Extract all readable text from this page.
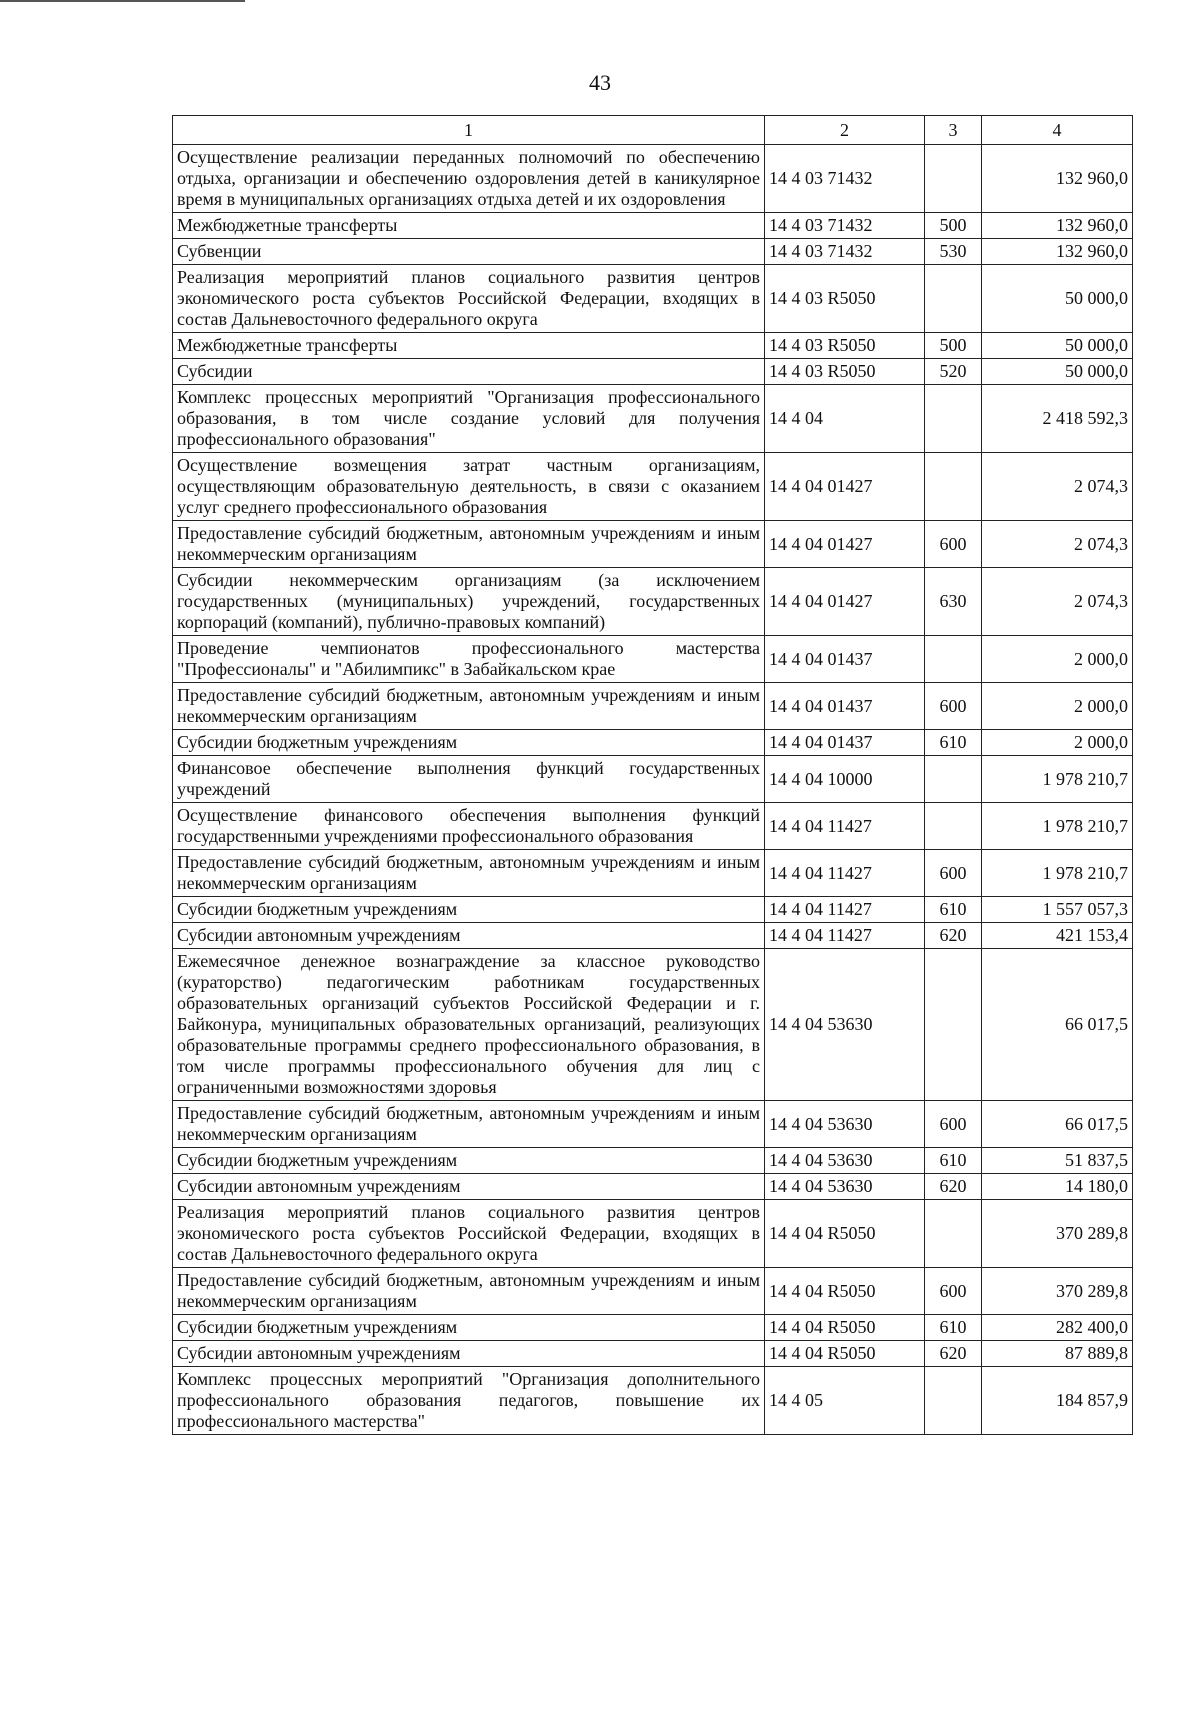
43
1	2	3	4
Осуществление реализации переданных полномочий по обеспечению отдыха, организации и обеспечению оздоровления детей в каникулярное время в муниципальных организациях отдыха детей и их оздоровления	14 4 03 71432		132 960,0
Межбюджетные трансферты	14 4 03 71432	500	132 960,0
Субвенции	14 4 03 71432	530	132 960,0
Реализация мероприятий планов социального развития центров экономического роста субъектов Российской Федерации, входящих в состав Дальневосточного федерального округа	14 4 03 R5050		50 000,0
Межбюджетные трансферты	14 4 03 R5050	500	50 000,0
Субсидии	14 4 03 R5050	520	50 000,0
Комплекс процессных мероприятий "Организация профессионального образования, в том числе создание условий для получения профессионального образования"	14 4 04		2 418 592,3
Осуществление возмещения затрат частным организациям, осуществляющим образовательную деятельность, в связи с оказанием услуг среднего профессионального образования	14 4 04 01427		2 074,3
Предоставление субсидий бюджетным, автономным учреждениям и иным некоммерческим организациям	14 4 04 01427	600	2 074,3
Субсидии некоммерческим организациям (за исключением государственных (муниципальных) учреждений, государственных корпораций (компаний), публично-правовых компаний)	14 4 04 01427	630	2 074,3
Проведение чемпионатов профессионального мастерства "Профессионалы" и "Абилимпикс" в Забайкальском крае	14 4 04 01437		2 000,0
Предоставление субсидий бюджетным, автономным учреждениям и иным некоммерческим организациям	14 4 04 01437	600	2 000,0
Субсидии бюджетным учреждениям	14 4 04 01437	610	2 000,0
Финансовое обеспечение выполнения функций государственных учреждений	14 4 04 10000		1 978 210,7
Осуществление финансового обеспечения выполнения функций государственными учреждениями профессионального образования	14 4 04 11427		1 978 210,7
Предоставление субсидий бюджетным, автономным учреждениям и иным некоммерческим организациям	14 4 04 11427	600	1 978 210,7
Субсидии бюджетным учреждениям	14 4 04 11427	610	1 557 057,3
Субсидии автономным учреждениям	14 4 04 11427	620	421 153,4
Ежемесячное денежное вознаграждение за классное руководство (кураторство) педагогическим работникам государственных образовательных организаций субъектов Российской Федерации и г. Байконура, муниципальных образовательных организаций, реализующих образовательные программы среднего профессионального образования, в том числе программы профессионального обучения для лиц с ограниченными возможностями здоровья	14 4 04 53630		66 017,5
Предоставление субсидий бюджетным, автономным учреждениям и иным некоммерческим организациям	14 4 04 53630	600	66 017,5
Субсидии бюджетным учреждениям	14 4 04 53630	610	51 837,5
Субсидии автономным учреждениям	14 4 04 53630	620	14 180,0
Реализация мероприятий планов социального развития центров экономического роста субъектов Российской Федерации, входящих в состав Дальневосточного федерального округа	14 4 04 R5050		370 289,8
Предоставление субсидий бюджетным, автономным учреждениям и иным некоммерческим организациям	14 4 04 R5050	600	370 289,8
Субсидии бюджетным учреждениям	14 4 04 R5050	610	282 400,0
Субсидии автономным учреждениям	14 4 04 R5050	620	87 889,8
Комплекс процессных мероприятий "Организация дополнительного профессионального образования педагогов, повышение их профессионального мастерства"	14 4 05		184 857,9
